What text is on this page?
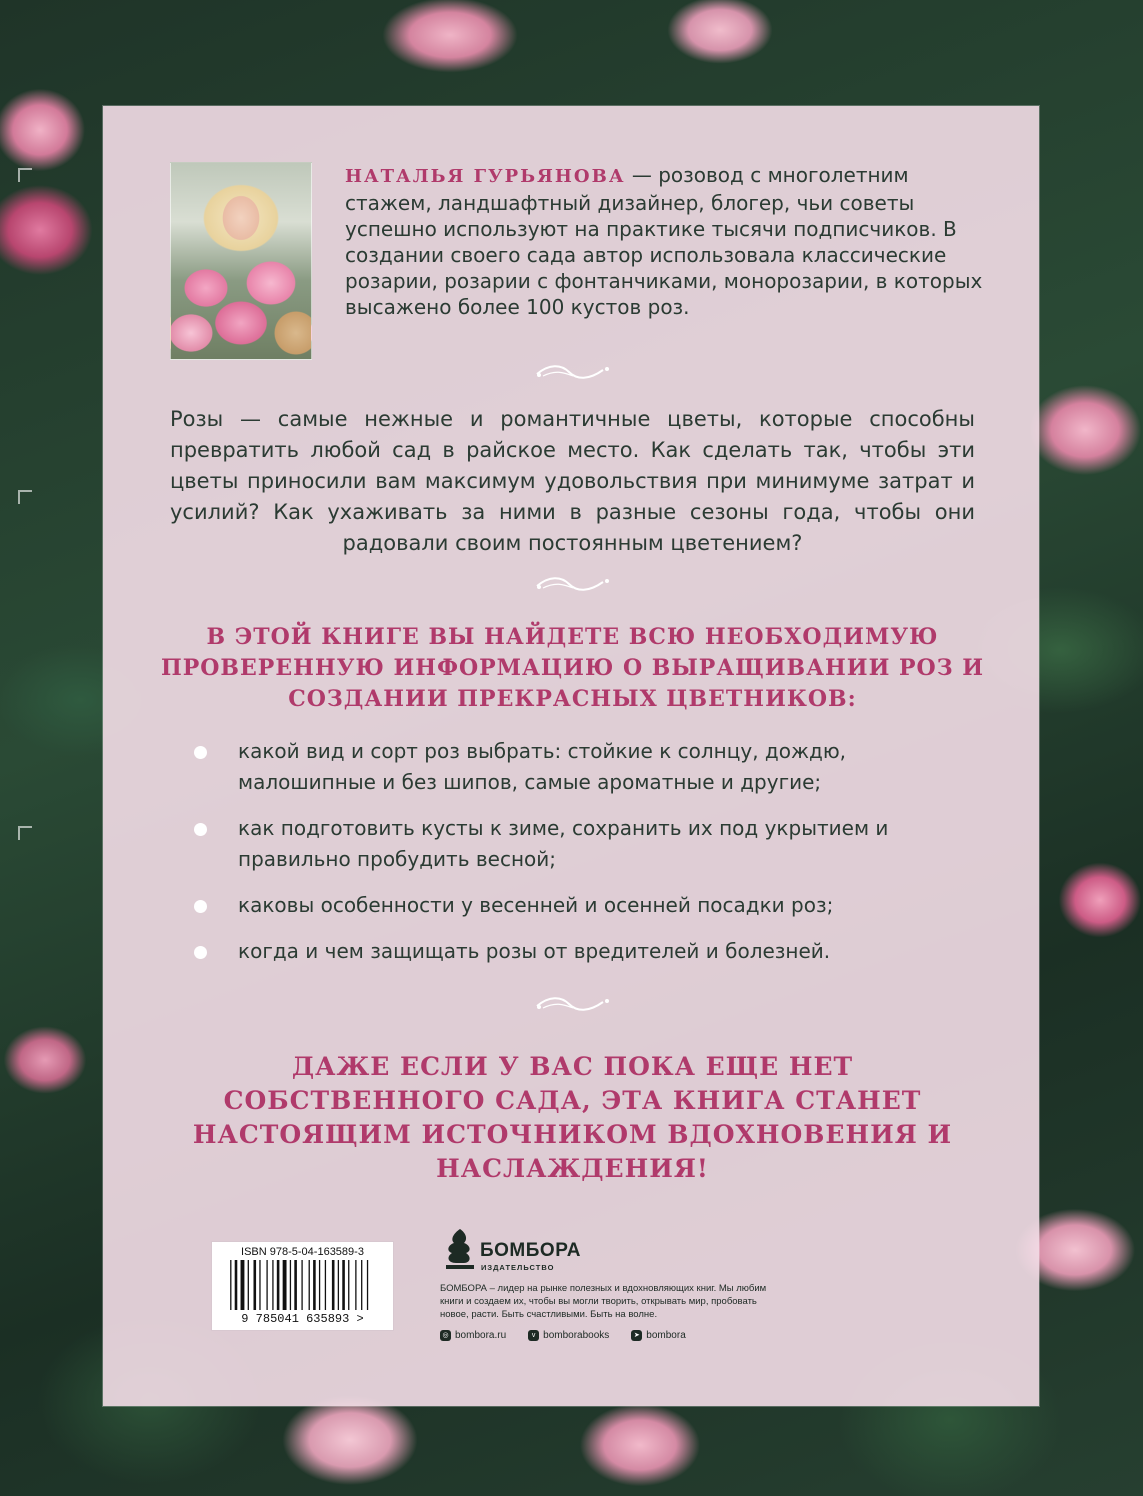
НАТАЛЬЯ ГУРЬЯНОВА — розовод с многолетним стажем, ландшафтный дизайнер, блогер, чьи советы успешно используют на практике тысячи подписчиков. В создании своего сада автор использовала классические розарии, розарии с фонтанчиками, монорозарии, в которых высажено более 100 кустов роз.

Розы — самые нежные и романтичные цветы, которые способны превратить любой сад в райское место. Как сделать так, чтобы эти цветы приносили вам максимум удовольствия при минимуме затрат и усилий? Как ухаживать за ними в разные сезоны года, чтобы они радовали своим постоянным цветением?

В ЭТОЙ КНИГЕ ВЫ НАЙДЕТЕ ВСЮ НЕОБХОДИМУЮ ПРОВЕРЕННУЮ ИНФОРМАЦИЮ О ВЫРАЩИВАНИИ РОЗ И СОЗДАНИИ ПРЕКРАСНЫХ ЦВЕТНИКОВ:
какой вид и сорт роз выбрать: стойкие к солнцу, дождю, малошипные и без шипов, самые ароматные и другие;
как подготовить кусты к зиме, сохранить их под укрытием и правильно пробудить весной;
каковы особенности у весенней и осенней посадки роз;
когда и чем защищать розы от вредителей и болезней.
ДАЖЕ ЕСЛИ У ВАС ПОКА ЕЩЕ НЕТ СОБСТВЕННОГО САДА, ЭТА КНИГА СТАНЕТ НАСТОЯЩИМ ИСТОЧНИКОМ ВДОХНОВЕНИЯ И НАСЛАЖДЕНИЯ!
ISBN 978-5-04-163589-3
9 785041 635893 >
БОМБОРА
ИЗДАТЕЛЬСТВО

БОМБОРА – лидер на рынке полезных и вдохновляющих книг. Мы любим книги и создаем их, чтобы вы могли творить, открывать мир, пробовать новое, расти. Быть счастливыми. Быть на волне.

◎ bombora.ru	v bomborabooks	➤ bombora
